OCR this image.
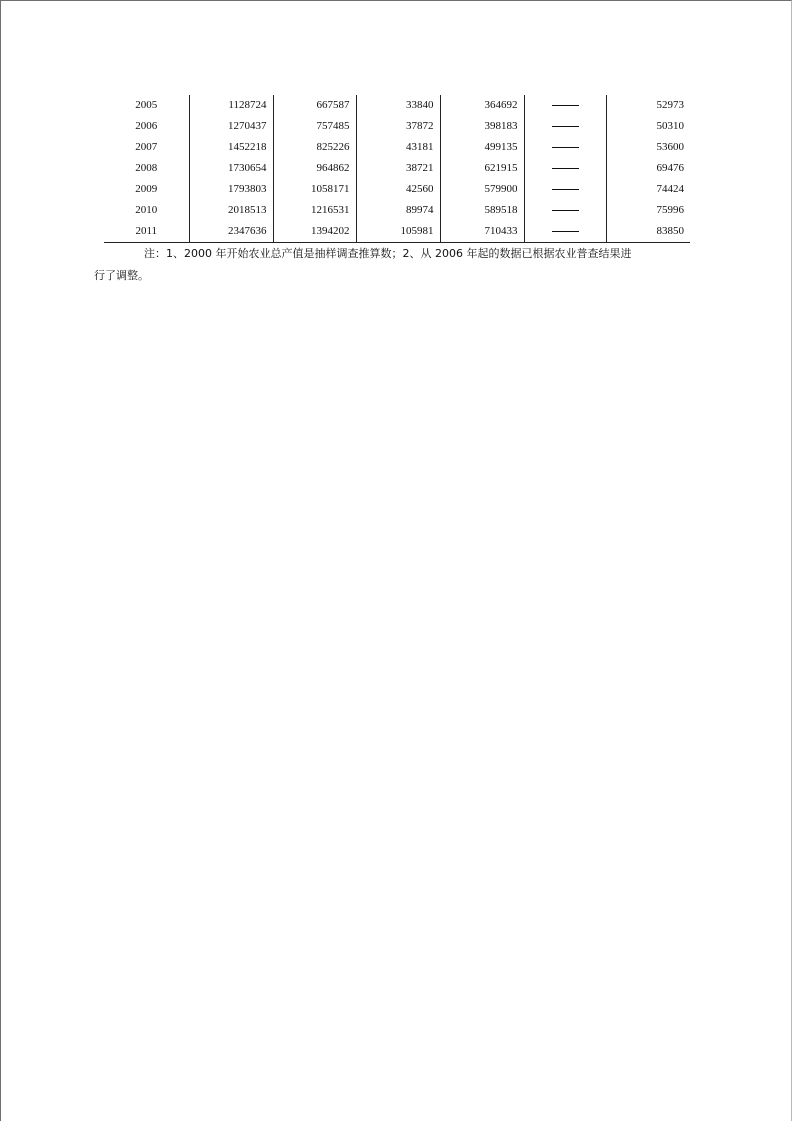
2005	1128724	667587	33840	364692		52973
2006	1270437	757485	37872	398183		50310
2007	1452218	825226	43181	499135		53600
2008	1730654	964862	38721	621915		69476
2009	1793803	1058171	42560	579900		74424
2010	2018513	1216531	89974	589518		75996
2011	2347636	1394202	105981	710433		83850

注：1、2000 年开始农业总产值是抽样调查推算数；2、从 2006 年起的数据已根据农业普查结果进
行了调整。
